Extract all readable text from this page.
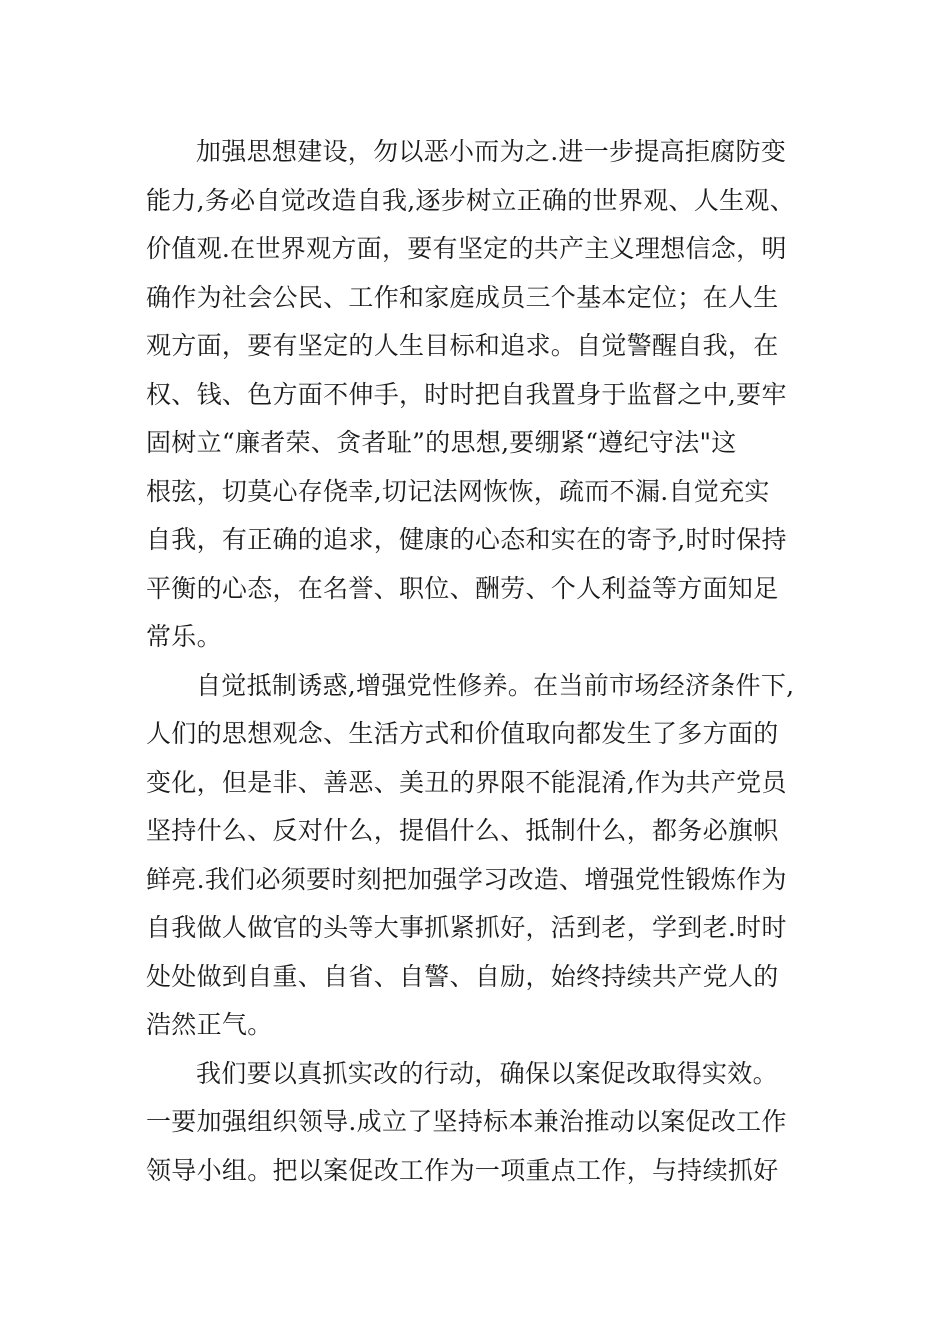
加强思想建设，勿以恶小而为之.进一步提高拒腐防变
能力,务必自觉改造自我,逐步树立正确的世界观、人生观、
价值观.在世界观方面，要有坚定的共产主义理想信念，明
确作为社会公民、工作和家庭成员三个基本定位；在人生
观方面，要有坚定的人生目标和追求。自觉警醒自我，在
权、钱、色方面不伸手，时时把自我置身于监督之中,要牢
固树立“廉者荣、贪者耻”的思想,要绷紧“遵纪守法"这
根弦，切莫心存侥幸,切记法网恢恢，疏而不漏.自觉充实
自我，有正确的追求，健康的心态和实在的寄予,时时保持
平衡的心态，在名誉、职位、酬劳、个人利益等方面知足
常乐。
自觉抵制诱惑,增强党性修养。在当前市场经济条件下,
人们的思想观念、生活方式和价值取向都发生了多方面的
变化，但是非、善恶、美丑的界限不能混淆,作为共产党员
坚持什么、反对什么，提倡什么、抵制什么，都务必旗帜
鲜亮.我们必须要时刻把加强学习改造、增强党性锻炼作为
自我做人做官的头等大事抓紧抓好，活到老，学到老.时时
处处做到自重、自省、自警、自励，始终持续共产党人的
浩然正气。
我们要以真抓实改的行动，确保以案促改取得实效。
一要加强组织领导.成立了坚持标本兼治推动以案促改工作
领导小组。把以案促改工作为一项重点工作，与持续抓好
